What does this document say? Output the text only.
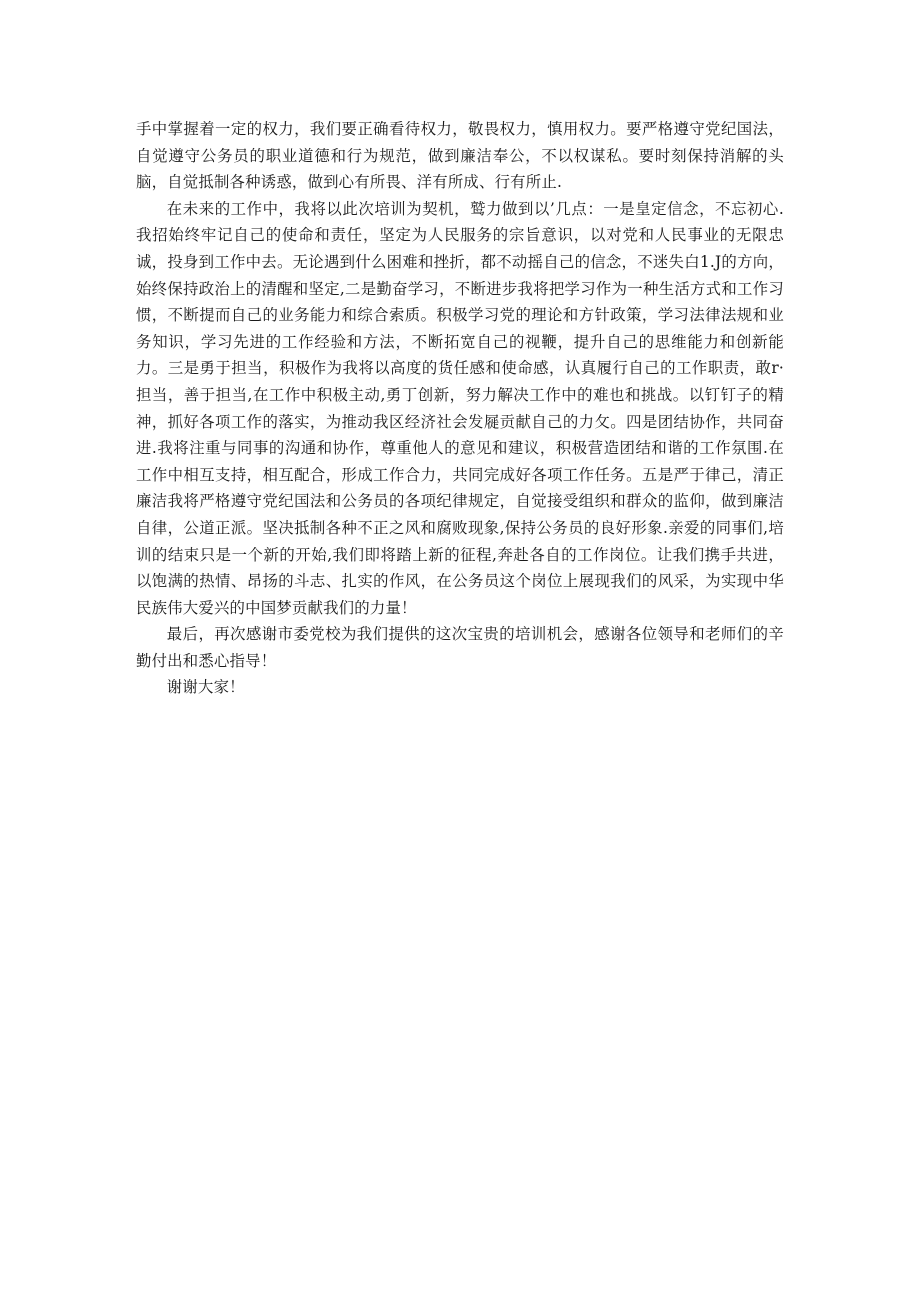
手中掌握着一定的权力，我们要正确看待权力，敬畏权力，慎用权力。要严格遵守党纪国法，自觉遵守公务员的职业道德和行为规范，做到廉洁奉公，不以权谋私。要时刻保持消解的头脑，自觉抵制各种诱惑，做到心有所畏、洋有所成、行有所止.

在未来的工作中，我将以此次培训为契机，鹫力做到以’几点：一是皇定信念，不忘初心.我招始终牢记自己的使命和责任，坚定为人民服务的宗旨意识，以对党和人民事业的无限忠诚，投身到工作中去。无论遇到什么困难和挫折，都不动摇自己的信念，不迷失白1.J的方向，始终保持政治上的清醒和坚定,二是勤奋学习，不断进步我将把学习作为一种生活方式和工作习惯，不断提而自己的业务能力和综合索质。积极学习党的理论和方针政策，学习法律法规和业务知识，学习先进的工作经验和方法，不断拓宽自己的视鞭，提升自己的思维能力和创新能力。三是勇于担当，积极作为我将以高度的货任感和使命感，认真履行自己的工作职责，敢r·担当，善于担当,在工作中积极主动,勇丁创新，努力解决工作中的难也和挑战。以钉钉子的精神，抓好各项工作的落实，为推动我区经济社会发屣贡献自己的力攵。四是团结协作，共同奋进.我将注重与同事的沟通和协作，尊重他人的意见和建议，积极营造团结和谐的工作氛围.在工作中相互支持，相互配合，形成工作合力，共同完成好各项工作任务。五是严于律己，清正廉洁我将严格遵守党纪国法和公务员的各项纪律规定，自觉接受组织和群众的监仰，做到廉洁自律，公道正派。坚决抵制各种不正之风和腐败现象,保持公务员的良好形象.亲爱的同事们,培训的结束只是一个新的开始,我们即将踏上新的征程,奔赴各自的工作岗位。让我们携手共进，以饱满的热情、昂扬的斗志、扎实的作风，在公务员这个岗位上展现我们的风采，为实现中华民族伟大爱兴的中国梦贡献我们的力量！

最后，再次感谢市委党校为我们提供的这次宝贵的培训机会，感谢各位领导和老师们的辛勤付出和悉心指导！

谢谢大家！
